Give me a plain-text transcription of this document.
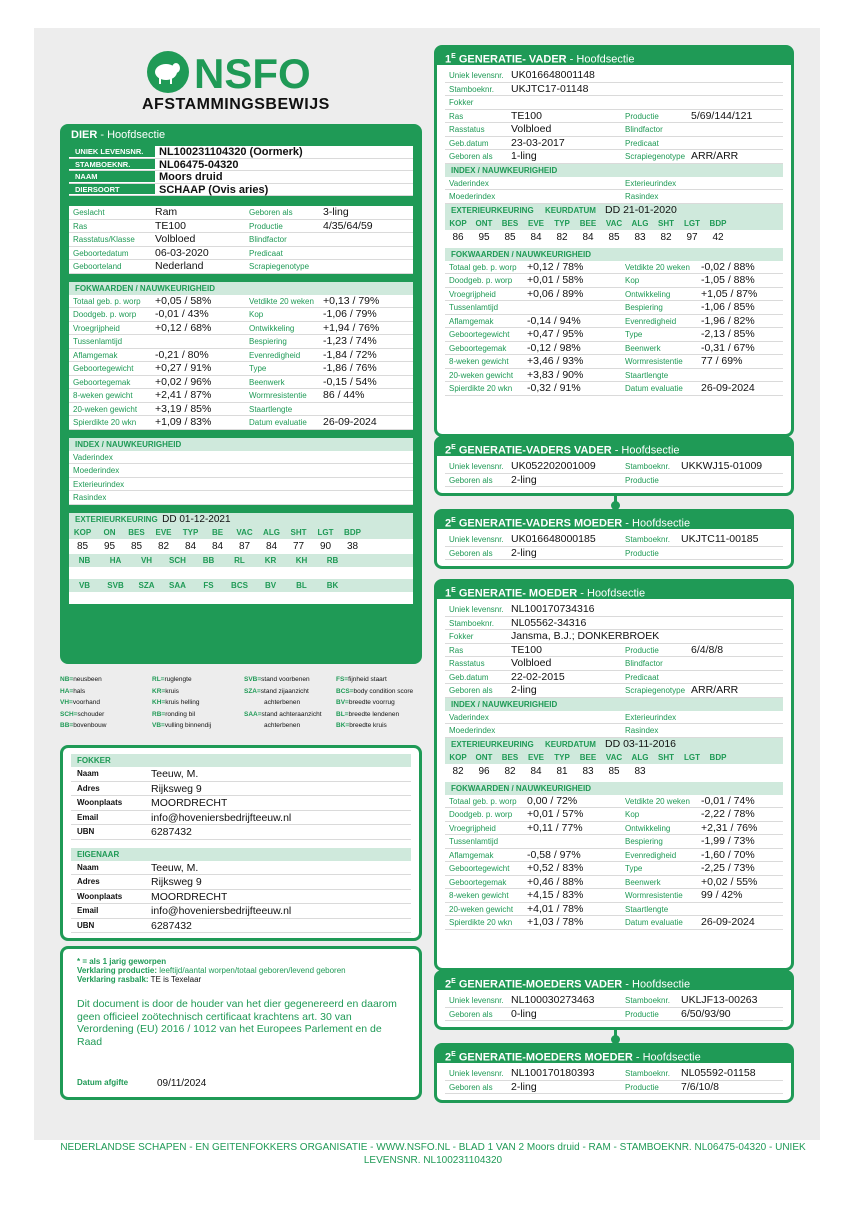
NSFO
AFSTAMMINGSBEWIJS
DIER - Hoofdsectie
UNIEK LEVENSNR.	NL100231104320 (Oormerk)
STAMBOEKNR.	NL06475-04320
NAAM	Moors druid
DIERSOORT	SCHAAP (Ovis aries)
Geslacht	Ram	Geboren als	3-ling
Ras	TE100	Productie	4/35/64/59
Rasstatus/Klasse	Volbloed	Blindfactor
Geboortedatum	06-03-2020	Predicaat
Geboorteland	Nederland	Scrapiegenotype
FOKWAARDEN / NAUWKEURIGHEID
Totaal geb. p. worp	+0,05 / 58%	Vetdikte 20 weken +0,13 / 79%
Doodgeb. p. worp	-0,01 / 43%	Kop	-1,06 / 79%
Vroegrijpheid	+0,12 / 68%	Ontwikkeling	+1,94 / 76%
Tussenlamtijd	Bespiering	-1,23 / 74%
Aflamgemak	-0,21 / 80%	Evenredigheid	-1,84 / 72%
Geboortegewicht	+0,27 / 91%	Type	-1,86 / 76%
Geboortegemak	+0,02 / 96%	Beenwerk	-0,15 / 54%
8-weken gewicht	+2,41 / 87%	Wormresistentie	86 / 44%
20-weken gewicht	+3,19 / 85%	Staartlengte
Spierdikte 20 wkn	+1,09 / 83%	Datum evaluatie	26-09-2024
INDEX / NAUWKEURIGHEID
Vaderindex
Moederindex
Exterieurindex
Rasindex
EXTERIEURKEURING
DD 01-12-2021
KOP	ON	BES	EVE	TYP	BE	VAC	ALG	SHT	LGT	BDP
85	95	85	82	84	84	87	84	77	90	38
NB	HA	VH	SCH	BB	RL	KR	KH	RB
VB	SVB	SZA	SAA	FS	BCS	BV	BL	BK
NB=neusbeen
HA=hals
VH=voorhand
SCH=schouder
BB=bovenbouw
RL=ruglengte
KR=kruis
KH=kruis helling
RB=ronding bil
VB=vulling binnendij
SVB=stand voorbenen
SZA=stand zijaanzicht
achterbenen
SAA=stand achteraanzicht
achterbenen
FS=fijnheid staart
BCS=body condition score
BV=breedte voorrug
BL=breedte lendenen
BK=breedte kruis
FOKKER
Naam	Teeuw, M.
Adres	Rijksweg 9
Woonplaats	MOORDRECHT
Email	info@hoveniersbedrijfteeuw.nl
UBN	6287432
EIGENAAR
Naam	Teeuw, M.
Adres	Rijksweg 9
Woonplaats	MOORDRECHT
Email	info@hoveniersbedrijfteeuw.nl
UBN	6287432
* = als 1 jarig geworpen
Verklaring productie: leeftijd/aantal worpen/totaal geboren/levend geboren
Verklaring rasbalk: TE is Texelaar
Dit document is door de houder van het dier gegenereerd en daarom geen officieel zoötechnisch certificaat krachtens art. 30 van Verordening (EU) 2016 / 1012 van het Europees Parlement en de Raad
Datum afgifte	09/11/2024
$1^E$ GENERATIE- VADER - Hoofdsectie
Uniek levensnr. UK016648001148
Stamboeknr.	UKJTC17-01148
Fokker
Ras	TE100	Productie	5/69/144/121
Rasstatus	Volbloed	Blindfactor
Geb.datum	23-03-2017	Predicaat
Geboren als	1-ling	Scrapiegenotype ARR/ARR
INDEX / NAUWKEURIGHEID
Vaderindex	Exterieurindex
Moederindex	Rasindex
EXTERIEURKEURING	KEURDATUM DD 21-01-2020
KOP	ONT	BES	EVE	TYP	BEE	VAC	ALG	SHT	LGT	BDP
86	95	85	84	82	84	85	83	82	97	42
FOKWAARDEN / NAUWKEURIGHEID
Totaal geb. p. worp +0,12 / 78%	Vetdikte 20 weken	-0,02 / 88%
Doodgeb. p. worp	+0,01 / 58%	Kop	-1,05 / 88%
Vroegrijpheid	+0,06 / 89%	Ontwikkeling	+1,05 / 87%
Tussenlamtijd	Bespiering	-1,06 / 85%
Aflamgemak	-0,14 / 94%	Evenredigheid	-1,96 / 82%
Geboortegewicht	+0,47 / 95%	Type	-2,13 / 85%
Geboortegemak	-0,12 / 98%	Beenwerk	-0,31 / 67%
8-weken gewicht	+3,46 / 93%	Wormresistentie	77 / 69%
20-weken gewicht	+3,83 / 90%	Staartlengte
Spierdikte 20 wkn	-0,32 / 91%	Datum evaluatie	26-09-2024
$2^E$ GENERATIE-VADERS VADER - Hoofdsectie
Uniek levensnr. UK052202001009	Stamboeknr.	UKKWJ15-01009
Geboren als	2-ling	Productie
$2^E$ GENERATIE-VADERS MOEDER - Hoofdsectie
Uniek levensnr. UK016648000185	Stamboeknr.	UKJTC11-00185
Geboren als	2-ling	Productie
$1^E$ GENERATIE- MOEDER - Hoofdsectie
Uniek levensnr. NL100170734316
Stamboeknr.	NL05562-34316
Fokker	Jansma, B.J.; DONKERBROEK
Ras	TE100	Productie	6/4/8/8
Rasstatus	Volbloed	Blindfactor
Geb.datum	22-02-2015	Predicaat
Geboren als	2-ling	Scrapiegenotype ARR/ARR
INDEX / NAUWKEURIGHEID
Vaderindex	Exterieurindex
Moederindex	Rasindex
EXTERIEURKEURING	KEURDATUM DD 03-11-2016
KOP	ONT	BES	EVE	TYP	BEE	VAC	ALG	SHT	LGT	BDP
82	96	82	84	81	83	85	83
FOKWAARDEN / NAUWKEURIGHEID
Totaal geb. p. worp 0,00 / 72%	Vetdikte 20 weken	-0,01 / 74%
Doodgeb. p. worp	+0,01 / 57%	Kop	-2,22 / 78%
Vroegrijpheid	+0,11 / 77%	Ontwikkeling	+2,31 / 76%
Tussenlamtijd	Bespiering	-1,99 / 73%
Aflamgemak	-0,58 / 97%	Evenredigheid	-1,60 / 70%
Geboortegewicht	+0,52 / 83%	Type	-2,25 / 73%
Geboortegemak	+0,46 / 88%	Beenwerk	+0,02 / 55%
8-weken gewicht	+4,15 / 83%	Wormresistentie	99 / 42%
20-weken gewicht	+4,01 / 78%	Staartlengte
Spierdikte 20 wkn	+1,03 / 78%	Datum evaluatie	26-09-2024
$2^E$ GENERATIE-MOEDERS VADER - Hoofdsectie
Uniek levensnr. NL100030273463	Stamboeknr.	UKLJF13-00263
Geboren als	0-ling	Productie	6/50/93/90
$2^E$ GENERATIE-MOEDERS MOEDER - Hoofdsectie
Uniek levensnr. NL100170180393	Stamboeknr.	NL05592-01158
Geboren als	2-ling	Productie	7/6/10/8
NEDERLANDSE SCHAPEN - EN GEITENFOKKERS ORGANISATIE - WWW.NSFO.NL - BLAD 1 VAN 2 Moors druid - RAM - STAMBOEKNR. NL06475-04320 - UNIEK LEVENSNR. NL100231104320
